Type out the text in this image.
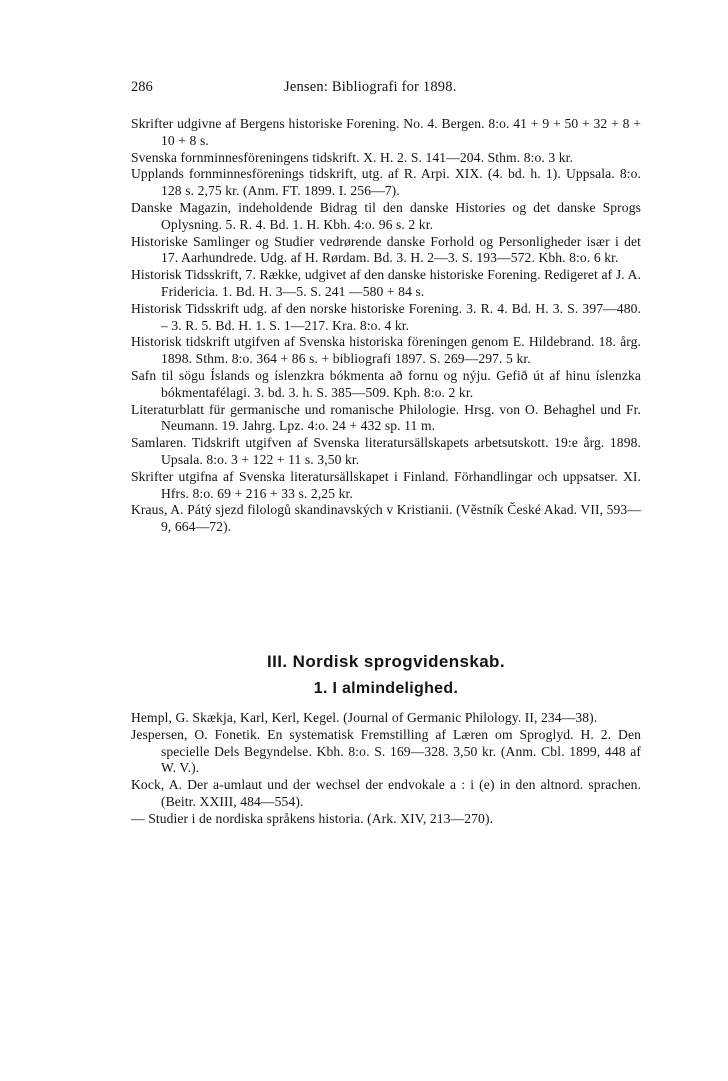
286	Jensen: Bibliografi for 1898.
Skrifter udgivne af Bergens historiske Forening. No. 4. Bergen. 8:o. 41 + 9 + 50 + 32 + 8 + 10 + 8 s.
Svenska fornminnesföreningens tidskrift. X. H. 2. S. 141—204. Sthm. 8:o. 3 kr.
Upplands fornminnesförenings tidskrift, utg. af R. Arpi. XIX. (4. bd. h. 1). Uppsala. 8:o. 128 s. 2,75 kr. (Anm. FT. 1899. I. 256—7).
Danske Magazin, indeholdende Bidrag til den danske Histories og det danske Sprogs Oplysning. 5. R. 4. Bd. 1. H. Kbh. 4:o. 96 s. 2 kr.
Historiske Samlinger og Studier vedrørende danske Forhold og Personligheder især i det 17. Aarhundrede. Udg. af H. Rørdam. Bd. 3. H. 2—3. S. 193—572. Kbh. 8:o. 6 kr.
Historisk Tidsskrift, 7. Række, udgivet af den danske historiske Forening. Redigeret af J. A. Fridericia. 1. Bd. H. 3—5. S. 241 —580 + 84 s.
Historisk Tidsskrift udg. af den norske historiske Forening. 3. R. 4. Bd. H. 3. S. 397—480. – 3. R. 5. Bd. H. 1. S. 1—217. Kra. 8:o. 4 kr.
Historisk tidskrift utgifven af Svenska historiska föreningen genom E. Hildebrand. 18. årg. 1898. Sthm. 8:o. 364 + 86 s. + bibliografi 1897. S. 269—297. 5 kr.
Safn til sögu Íslands og íslenzkra bókmenta að fornu og nýju. Gefið út af hinu íslenzka bókmentafélagi. 3. bd. 3. h. S. 385—509. Kph. 8:o. 2 kr.
Literaturblatt für germanische und romanische Philologie. Hrsg. von O. Behaghel und Fr. Neumann. 19. Jahrg. Lpz. 4:o. 24 + 432 sp. 11 m.
Samlaren. Tidskrift utgifven af Svenska literatursällskapets arbetsutskott. 19:e årg. 1898. Upsala. 8:o. 3 + 122 + 11 s. 3,50 kr.
Skrifter utgifna af Svenska literatursällskapet i Finland. Förhandlingar och uppsatser. XI. Hfrs. 8:o. 69 + 216 + 33 s. 2,25 kr.
Kraus, A. Pátý sjezd filologů skandinavských v Kristianii. (Věstník České Akad. VII, 593—9, 664—72).
III. Nordisk sprogvidenskab.
1. I almindelighed.
Hempl, G. Skækja, Karl, Kerl, Kegel. (Journal of Germanic Philology. II, 234—38).
Jespersen, O. Fonetik. En systematisk Fremstilling af Læren om Sproglyd. H. 2. Den specielle Dels Begyndelse. Kbh. 8:o. S. 169—328. 3,50 kr. (Anm. Cbl. 1899, 448 af W. V.).
Kock, A. Der a-umlaut und der wechsel der endvokale a : i (e) in den altnord. sprachen. (Beitr. XXIII, 484—554).
— Studier i de nordiska språkens historia. (Ark. XIV, 213—270).
